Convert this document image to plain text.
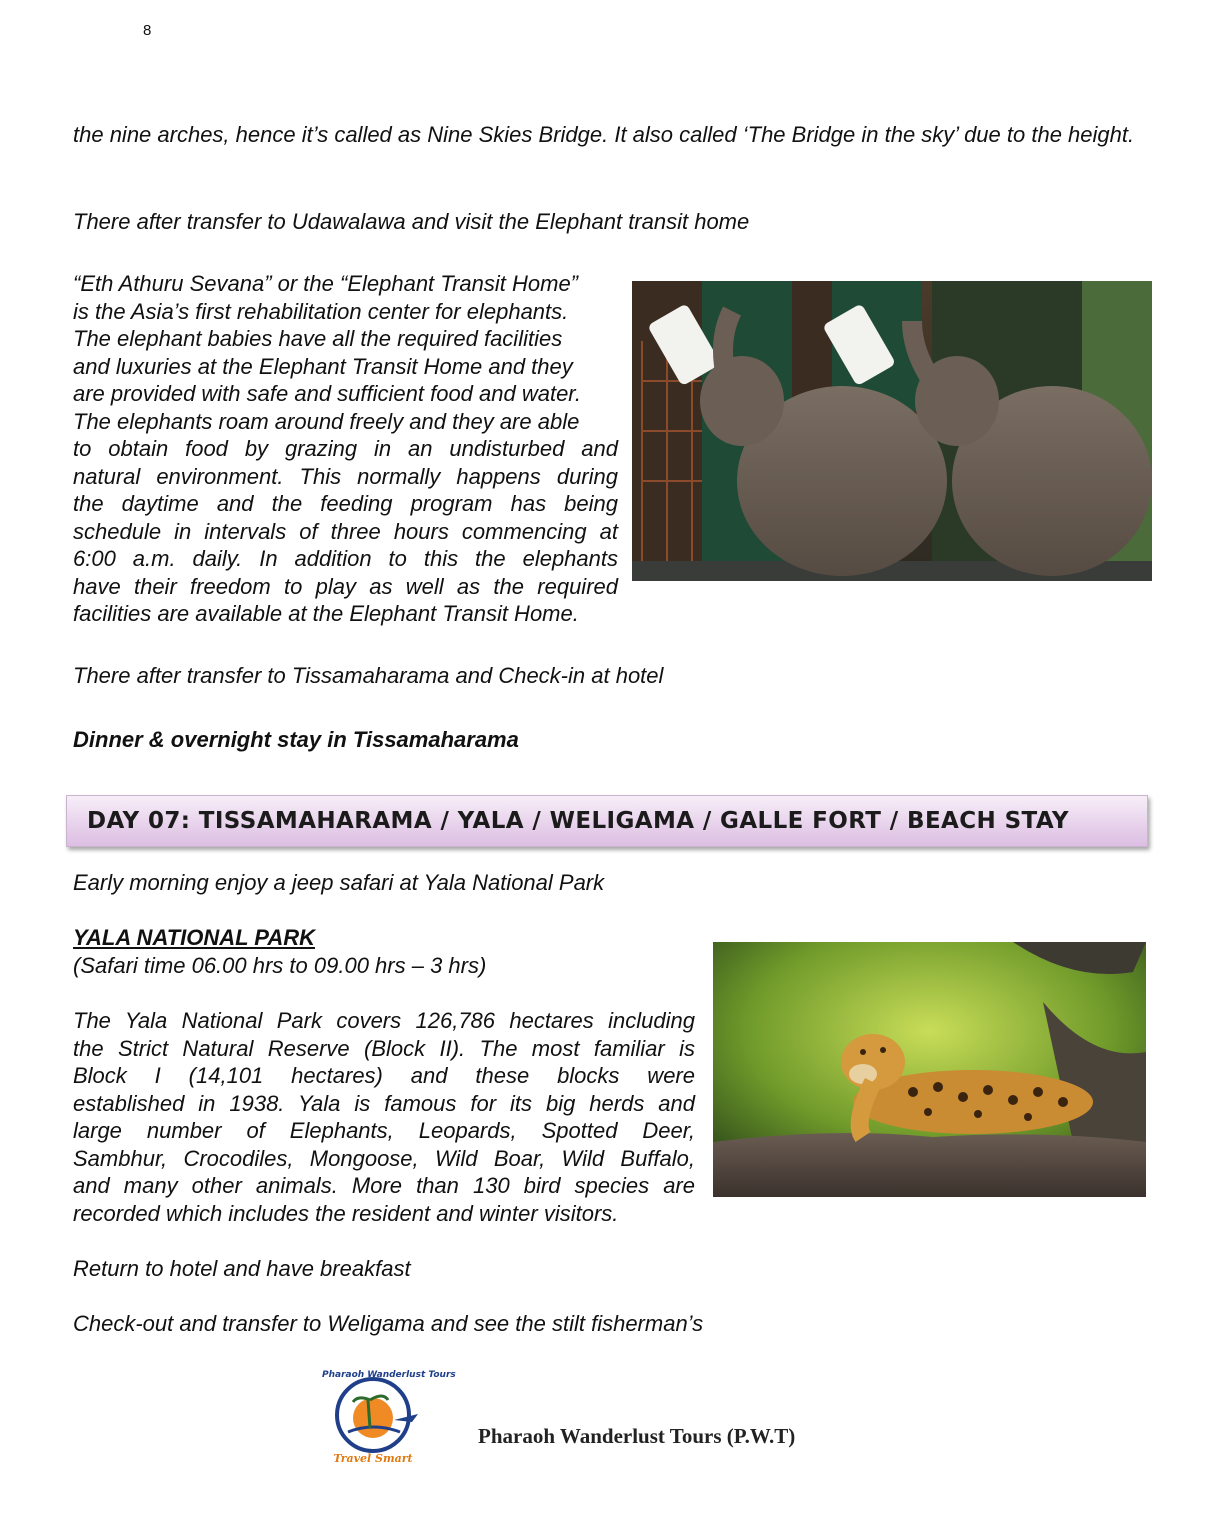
8

the nine arches, hence it’s called as Nine Skies Bridge. It also called ‘The Bridge in the sky’ due to the height.

There after transfer to Udawalawa and visit the Elephant transit home

“Eth Athuru Sevana” or the “Elephant Transit Home”
is the Asia’s first rehabilitation center for elephants.
The elephant babies have all the required facilities
and luxuries at the Elephant Transit Home and they
are provided with safe and sufficient food and water.
The elephants roam around freely and they are able
to obtain food by grazing in an undisturbed and
natural environment. This normally happens during
the daytime and the feeding program has being
schedule in intervals of three hours commencing at
6:00 a.m. daily. In addition to this the elephants
have their freedom to play as well as the required
facilities are available at the Elephant Transit Home.

There after transfer to Tissamaharama and Check-in at hotel

Dinner & overnight stay in Tissamaharama

DAY 07: TISSAMAHARAMA / YALA / WELIGAMA / GALLE FORT / BEACH STAY

Early morning enjoy a jeep safari at Yala National Park

YALA NATIONAL PARK

(Safari time 06.00 hrs to 09.00 hrs – 3 hrs)

The Yala National Park covers 126,786 hectares including
the Strict Natural Reserve (Block II). The most familiar is
Block I (14,101 hectares) and these blocks were
established in 1938. Yala is famous for its big herds and
large number of Elephants, Leopards, Spotted Deer,
Sambhur, Crocodiles, Mongoose, Wild Boar, Wild Buffalo,
and many other animals. More than 130 bird species are
recorded which includes the resident and winter visitors.

Return to hotel and have breakfast

Check-out and transfer to Weligama and see the stilt fisherman’s

Pharaoh Wanderlust Tours
Travel Smart
Pharaoh Wanderlust Tours (P.W.T)
